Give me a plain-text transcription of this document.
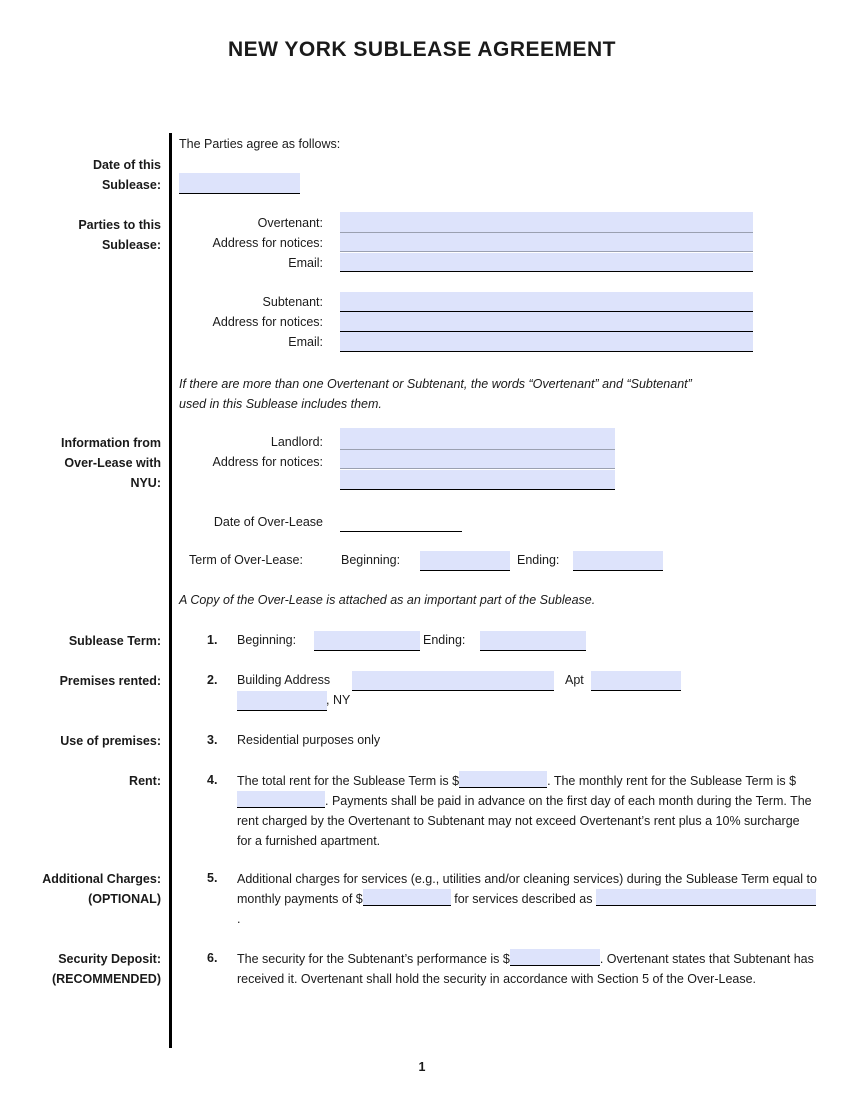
NEW YORK SUBLEASE AGREEMENT
The Parties agree as follows:
Date of this
Sublease:
Parties to this
Sublease:
Overtenant:
Address for notices:
Email:
Subtenant:
Address for notices:
Email:
If there are more than one Overtenant or Subtenant, the words “Overtenant” and “Subtenant”
used in this Sublease includes them.
Information from
Over-Lease with
NYU:
Landlord:
Address for notices:
Date of Over-Lease
Term of Over-Lease:	Beginning:	Ending:
A Copy of the Over-Lease is attached as an important part of the Sublease.
Sublease Term:	1. Beginning:	Ending:
Premises rented:	2. Building Address	Apt
, NY
Use of premises:	3. Residential purposes only
Rent:	4. The total rent for the Sublease Term is $	. The monthly rent for the Sublease Term is $ . Payments shall be paid in advance on the first day of each month during the Term. The rent charged by the Overtenant to Subtenant may not exceed Overtenant’s rent plus a 10% surcharge for a furnished apartment.
Additional Charges:
(OPTIONAL)
5. Additional charges for services (e.g., utilities and/or cleaning services) during the Sublease Term equal to monthly payments of $	for services described as .
Security Deposit:
(RECOMMENDED)
6. The security for the Subtenant’s performance is $	. Overtenant states that Subtenant has received it. Overtenant shall hold the security in accordance with Section 5 of the Over-Lease.
1
